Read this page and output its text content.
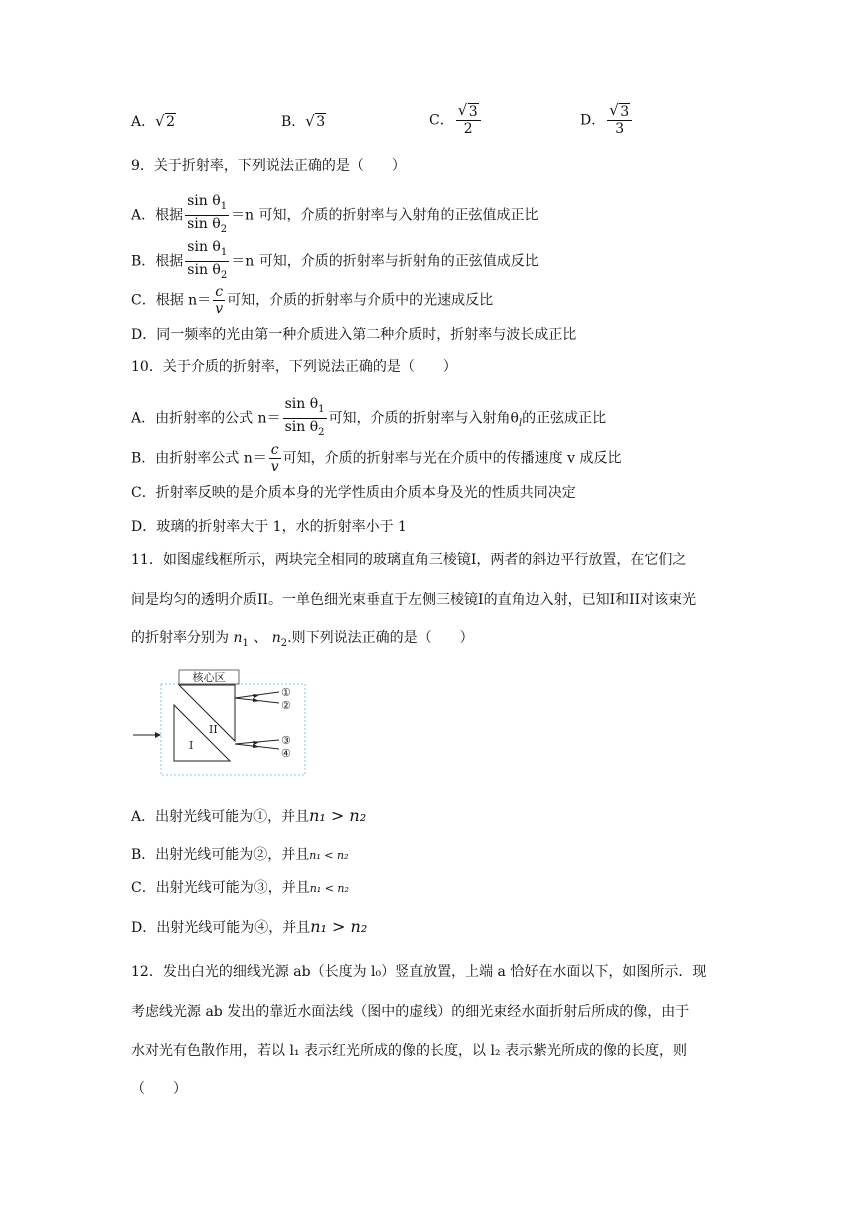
A． √ 2	B． √ 3	C． $\frac{√ 3}{2}$	D． $\frac{√ 3}{3}$
9．关于折射率，下列说法正确的是（　　）
A．根据 $\frac{\sin \theta_1}{\sin \theta_2} =n$ 可知，介质的折射率与入射角的正弦值成正比
B．根据 $\frac{\sin \theta_1}{\sin \theta_2} =n$ 可知，介质的折射率与折射角的正弦值成反比
C．根据 $n= \frac{c}{v}$ 可知，介质的折射率与介质中的光速成反比
D．同一频率的光由第一种介质进入第二种介质时，折射率与波长成正比
10．关于介质的折射率，下列说法正确的是（　　）
A．由折射率的公式 $n= \frac{\sin \theta_1}{\sin \theta_2}$ 可知，介质的折射率与入射角$\theta_l$的正弦成正比
B．由折射率公式 $n= \frac{c}{v}$ 可知，介质的折射率与光在介质中的传播速度 v 成反比
C．折射率反映的是介质本身的光学性质由介质本身及光的性质共同决定
D．玻璃的折射率大于 1，水的折射率小于 1
11．如图虚线框所示，两块完全相同的玻璃直角三棱镜I，两者的斜边平行放置，在它们之
间是均匀的透明介质II。一单色细光束垂直于左侧三棱镜I的直角边入射，已知I和II对该束光
的折射率分别为 $n_1$ 、 $n_2$.则下列说法正确的是（　　）
核心区
I
II
①
②
③
④
A．出射光线可能为①，并且n₁ > n₂
B．出射光线可能为②，并且n₁ < n₂
C．出射光线可能为③，并且n₁ < n₂
D．出射光线可能为④，并且n₁ > n₂
12．发出白光的细线光源 ab（长度为 l₀）竖直放置，上端 a 恰好在水面以下，如图所示．现
考虑线光源 ab 发出的靠近水面法线（图中的虚线）的细光束经水面折射后所成的像，由于
水对光有色散作用，若以 l₁ 表示红光所成的像的长度，以 l₂ 表示紫光所成的像的长度，则
（　　）
